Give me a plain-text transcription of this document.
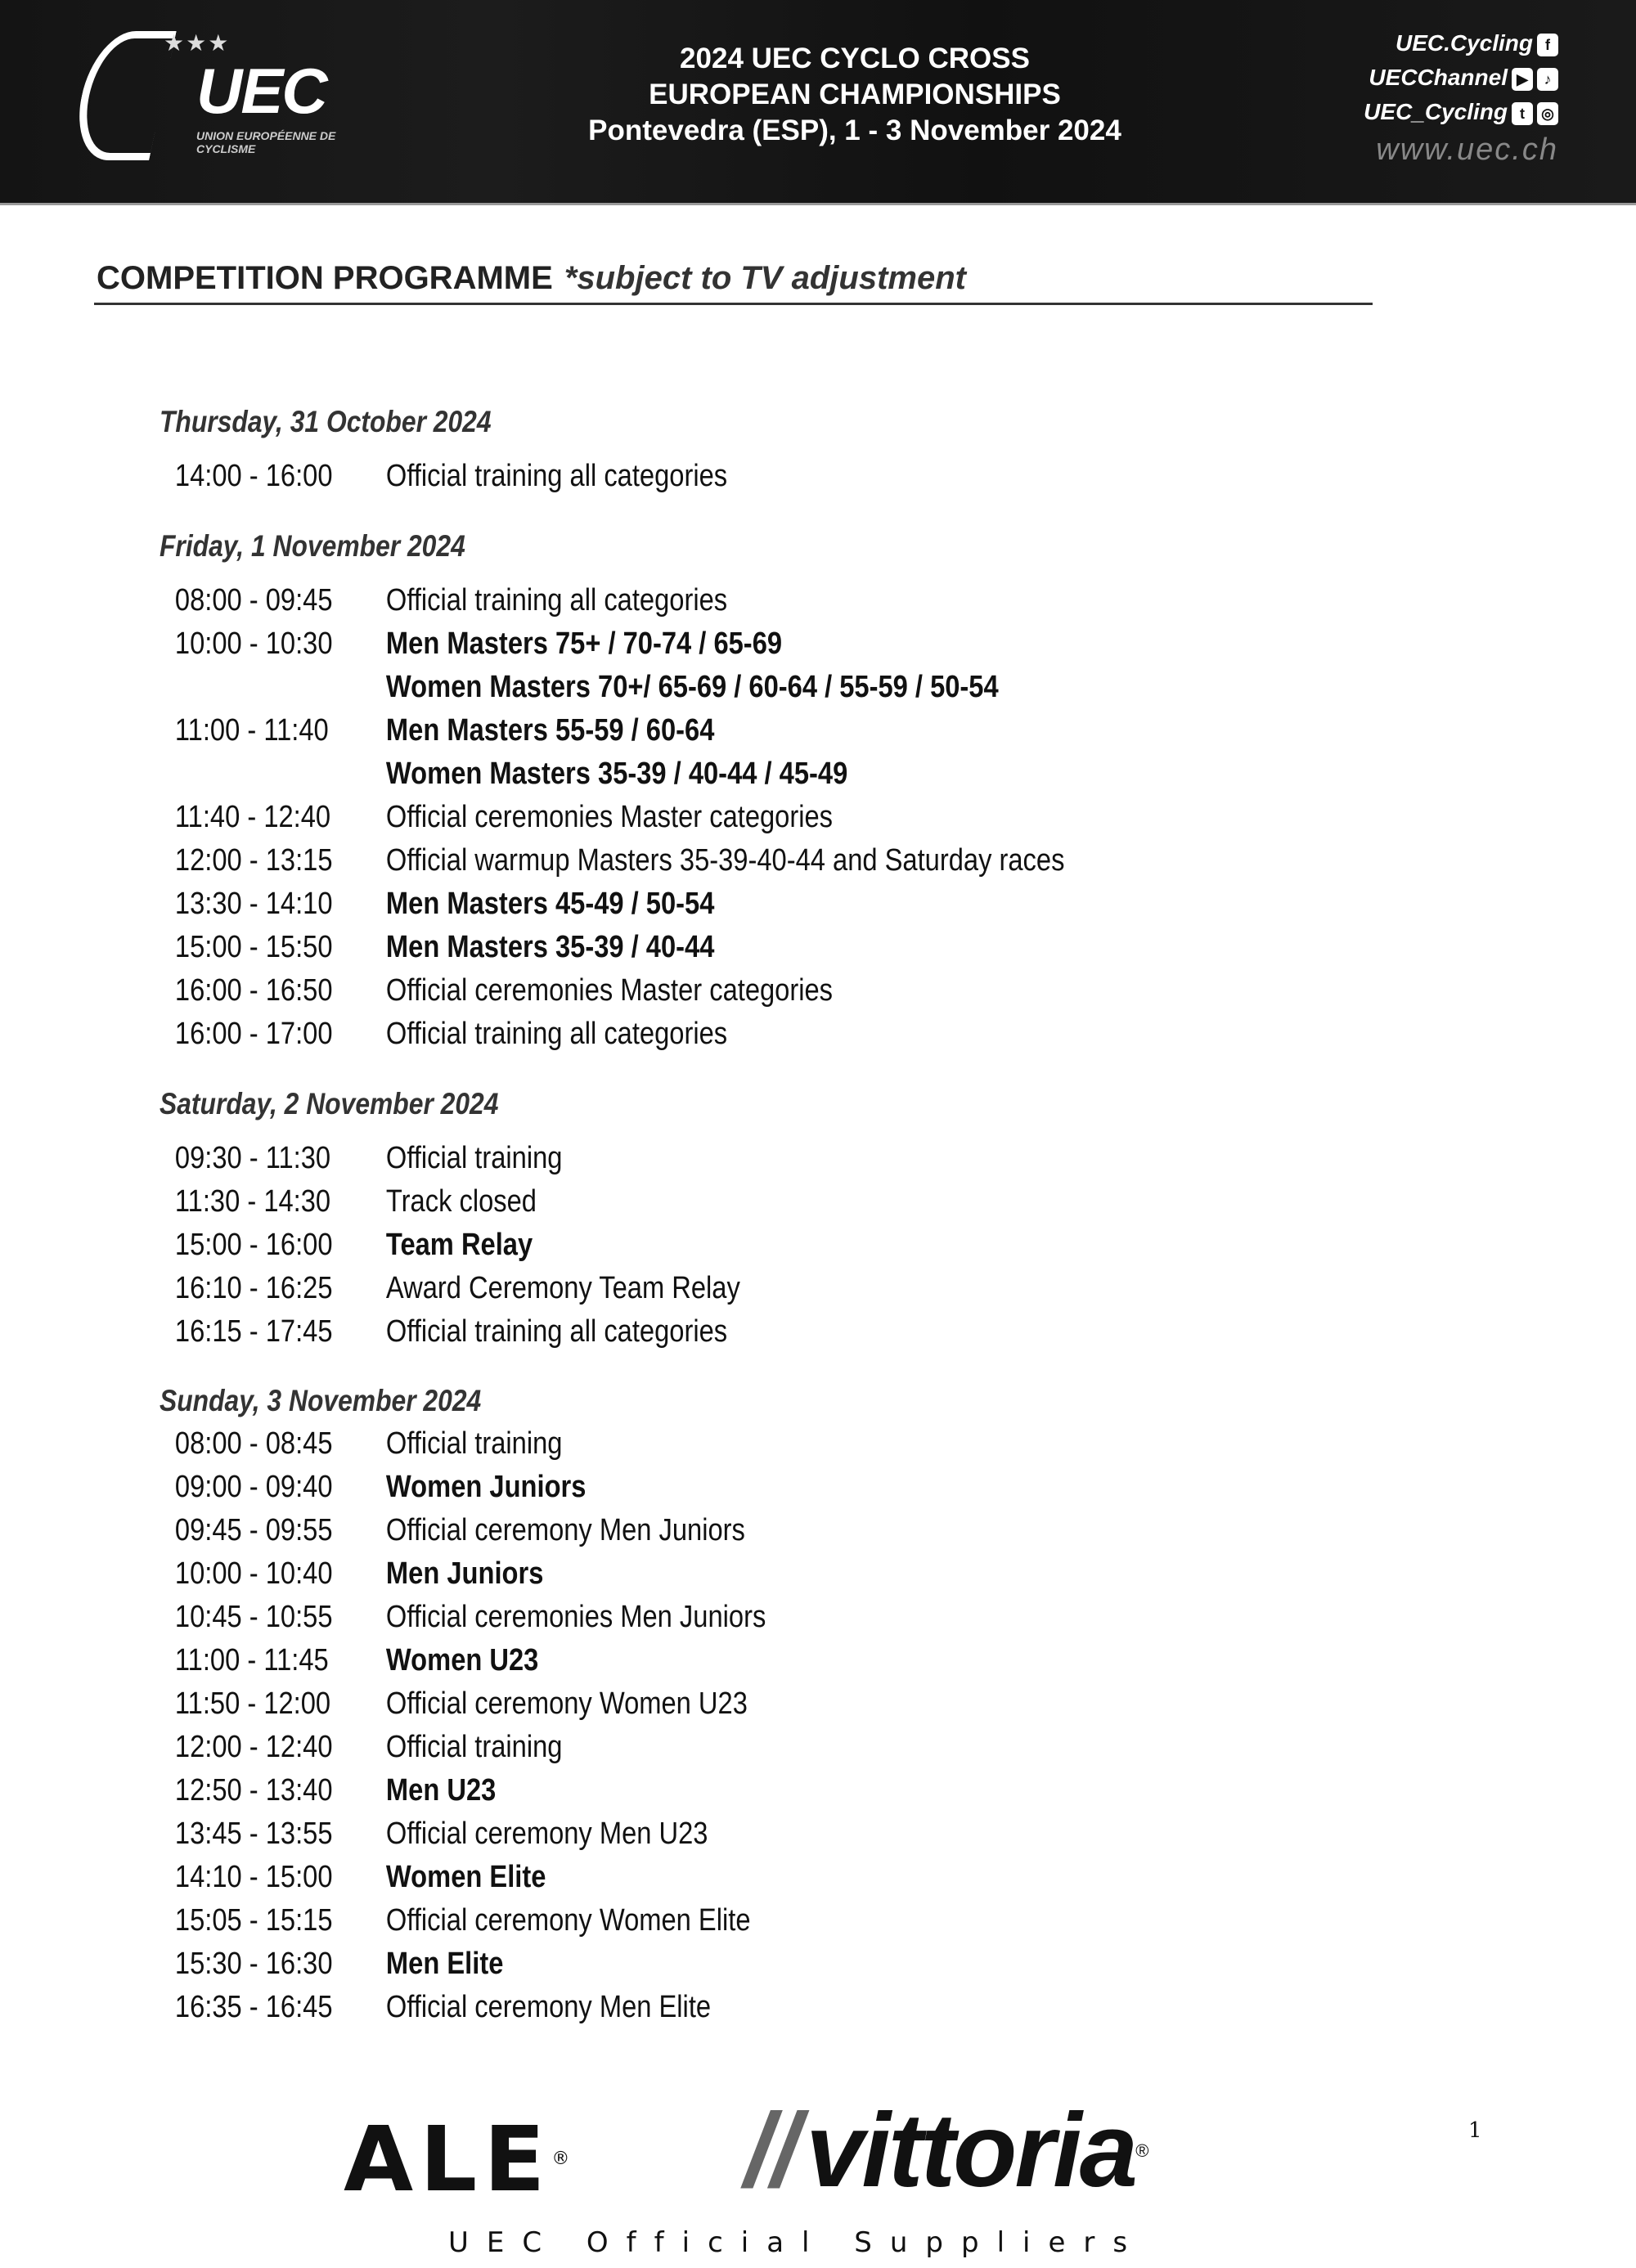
★★★
UEC
UNION EUROPÉENNE DE CYCLISME
2024 UEC CYCLO CROSS
EUROPEAN CHAMPIONSHIPS
Pontevedra (ESP), 1 - 3 November 2024
UEC.Cycling f
UECChannel ▶ ♪
UEC_Cycling t ◎
www.uec.ch
COMPETITION PROGRAMME *subject to TV adjustment
Thursday, 31 October 2024
14:00 - 16:00 Official training all categories
Friday, 1 November 2024
08:00 - 09:45 Official training all categories
10:00 - 10:30 Men Masters 75+ / 70-74 / 65-69
Women Masters 70+/ 65-69 / 60-64 / 55-59 / 50-54
11:00 - 11:40 Men Masters 55-59 / 60-64
Women Masters 35-39 / 40-44 / 45-49
11:40 - 12:40 Official ceremonies Master categories
12:00 - 13:15 Official warmup Masters 35-39-40-44 and Saturday races
13:30 - 14:10 Men Masters 45-49 / 50-54
15:00 - 15:50 Men Masters 35-39 / 40-44
16:00 - 16:50 Official ceremonies Master categories
16:00 - 17:00 Official training all categories
Saturday, 2 November 2024
09:30 - 11:30 Official training
11:30 - 14:30 Track closed
15:00 - 16:00 Team Relay
16:10 - 16:25 Award Ceremony Team Relay
16:15 - 17:45 Official training all categories
Sunday, 3 November 2024
08:00 - 08:45 Official training
09:00 - 09:40 Women Juniors
09:45 - 09:55 Official ceremony Men Juniors
10:00 - 10:40 Men Juniors
10:45 - 10:55 Official ceremonies Men Juniors
11:00 - 11:45 Women U23
11:50 - 12:00 Official ceremony Women U23
12:00 - 12:40 Official training
12:50 - 13:40 Men U23
13:45 - 13:55 Official ceremony Men U23
14:10 - 15:00 Women Elite
15:05 - 15:15 Official ceremony Women Elite
15:30 - 16:30 Men Elite
16:35 - 16:45 Official ceremony Men Elite
ALE® //vittoria®
UEC Official Suppliers
1
